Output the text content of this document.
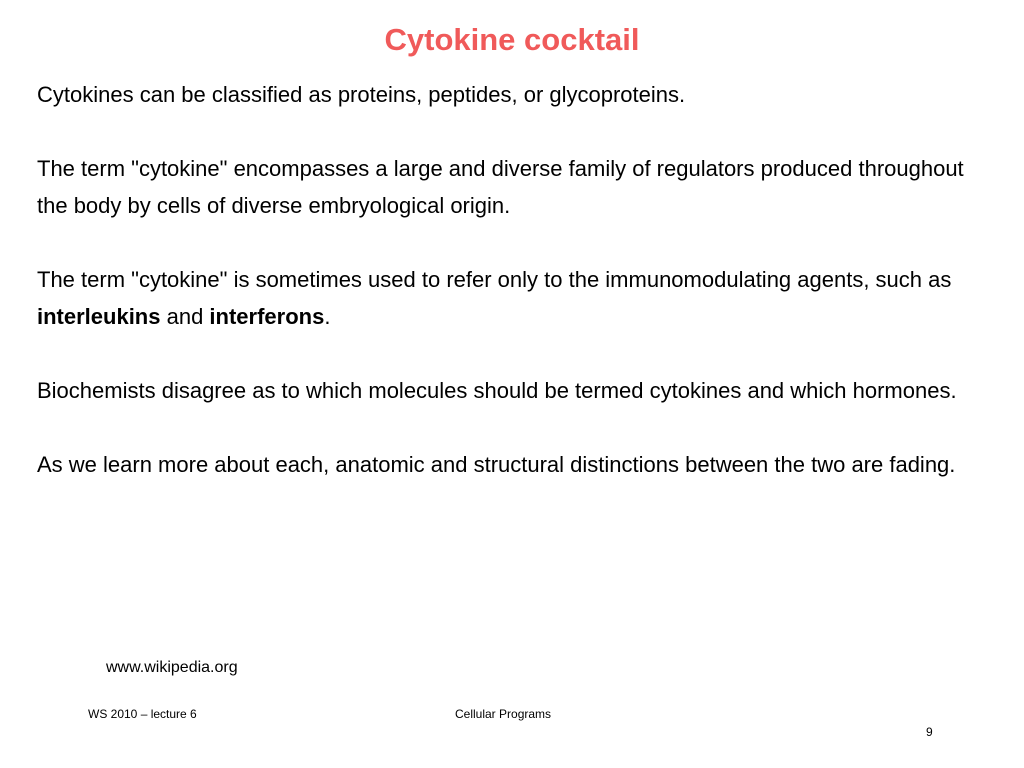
Cytokine cocktail

Cytokines can be classified as proteins, peptides, or glycoproteins.

The term "cytokine" encompasses a large and diverse family of regulators produced throughout the body by cells of diverse embryological origin.

The term "cytokine" is sometimes used to refer only to the immunomodulating agents, such as interleukins and interferons.

Biochemists disagree as to which molecules should be termed cytokines and which hormones.

As we learn more about each, anatomic and structural distinctions between the two are fading.

www.wikipedia.org
WS 2010 – lecture 6	Cellular Programs
9
